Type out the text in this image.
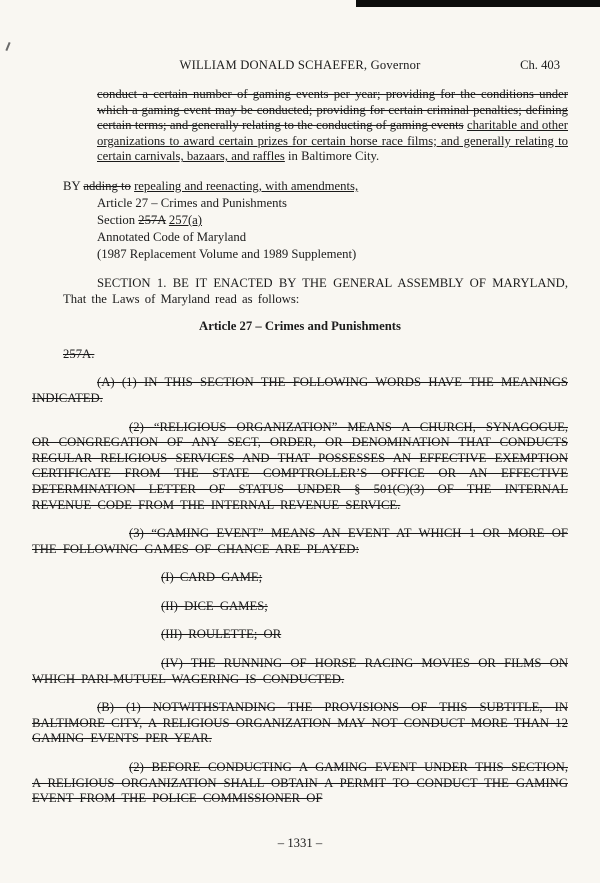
WILLIAM DONALD SCHAEFER, Governor	Ch. 403

conduct a certain number of gaming events per year; providing for the conditions under which a gaming event may be conducted; providing for certain criminal penalties; defining certain terms; and generally relating to the conducting of gaming events charitable and other organizations to award certain prizes for certain horse race films; and generally relating to certain carnivals, bazaars, and raffles in Baltimore City.

BY adding to repealing and reenacting, with amendments,

Article 27 – Crimes and Punishments

Section 257A 257(a)

Annotated Code of Maryland

(1987 Replacement Volume and 1989 Supplement)

SECTION 1. BE IT ENACTED BY THE GENERAL ASSEMBLY OF MARYLAND, That the Laws of Maryland read as follows:

Article 27 – Crimes and Punishments

257A.

(A) (1) IN THIS SECTION THE FOLLOWING WORDS HAVE THE MEANINGS INDICATED.

(2) “RELIGIOUS ORGANIZATION” MEANS A CHURCH, SYNAGOGUE, OR CONGREGATION OF ANY SECT, ORDER, OR DENOMINATION THAT CONDUCTS REGULAR RELIGIOUS SERVICES AND THAT POSSESSES AN EFFECTIVE EXEMPTION CERTIFICATE FROM THE STATE COMPTROLLER’S OFFICE OR AN EFFECTIVE DETERMINATION LETTER OF STATUS UNDER § 501(C)(3) OF THE INTERNAL REVENUE CODE FROM THE INTERNAL REVENUE SERVICE.

(3) “GAMING EVENT” MEANS AN EVENT AT WHICH 1 OR MORE OF THE FOLLOWING GAMES OF CHANCE ARE PLAYED:

(I) CARD GAME;

(II) DICE GAMES;

(III) ROULETTE; OR

(IV) THE RUNNING OF HORSE RACING MOVIES OR FILMS ON WHICH PARI-MUTUEL WAGERING IS CONDUCTED.

(B) (1) NOTWITHSTANDING THE PROVISIONS OF THIS SUBTITLE, IN BALTIMORE CITY, A RELIGIOUS ORGANIZATION MAY NOT CONDUCT MORE THAN 12 GAMING EVENTS PER YEAR.

(2) BEFORE CONDUCTING A GAMING EVENT UNDER THIS SECTION, A RELIGIOUS ORGANIZATION SHALL OBTAIN A PERMIT TO CONDUCT THE GAMING EVENT FROM THE POLICE COMMISSIONER OF

– 1331 –
